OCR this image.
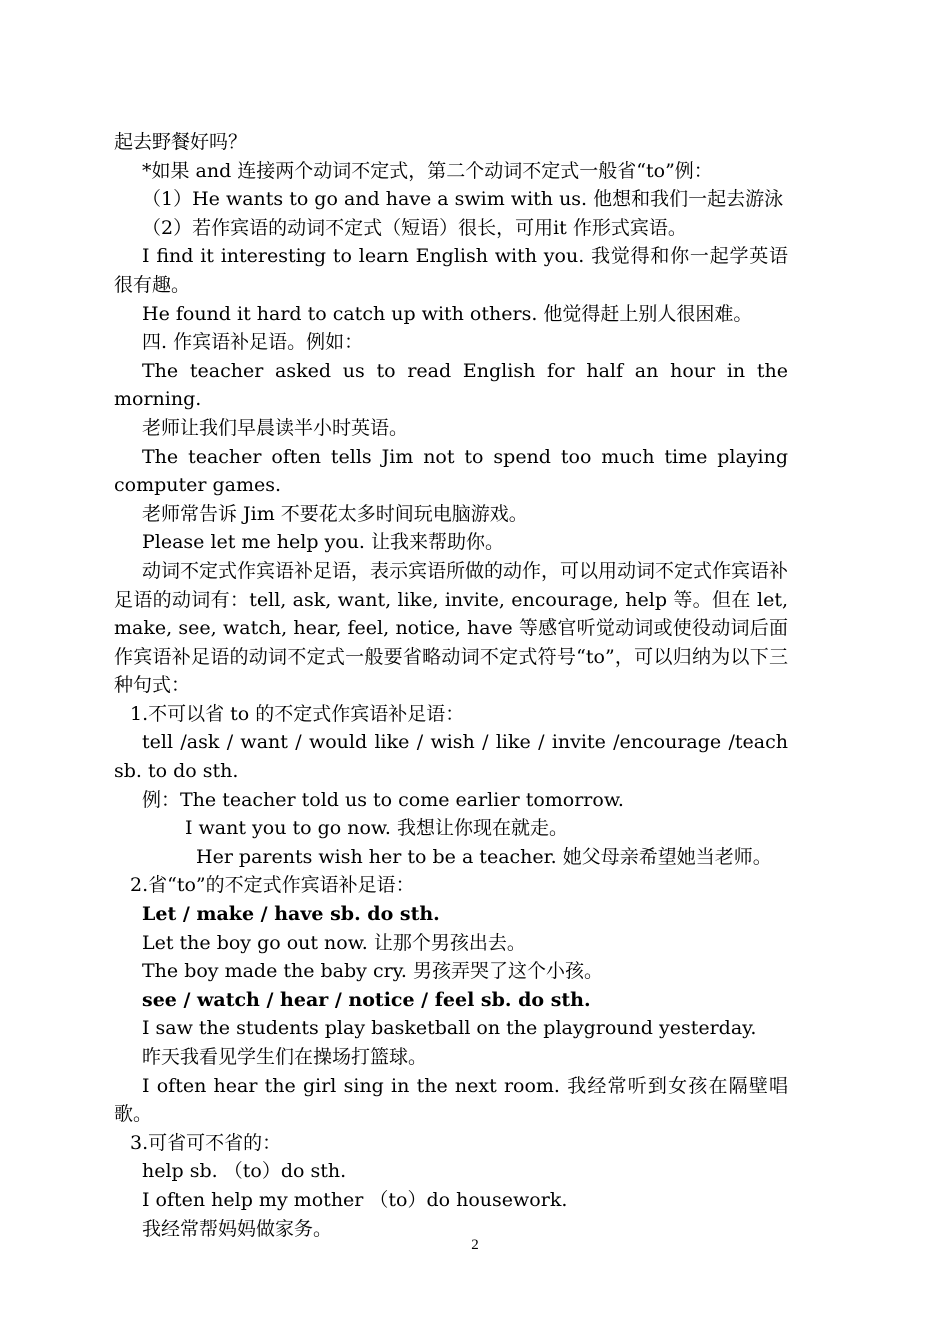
起去野餐好吗？

*如果 and 连接两个动词不定式，第二个动词不定式一般省“to”例：

（1）He wants to go and have a swim with us. 他想和我们一起去游泳

（2）若作宾语的动词不定式（短语）很长，可用it 作形式宾语。

I find it interesting to learn English with you. 我觉得和你一起学英语很有趣。

He found it hard to catch up with others. 他觉得赶上别人很困难。

四. 作宾语补足语。例如：

The teacher asked us to read English for half an hour in the morning.

老师让我们早晨读半小时英语。

The teacher often tells Jim not to spend too much time playing computer games.

老师常告诉 Jim 不要花太多时间玩电脑游戏。

Please let me help you. 让我来帮助你。

动词不定式作宾语补足语，表示宾语所做的动作，可以用动词不定式作宾语补足语的动词有：tell, ask, want, like, invite, encourage, help 等。但在 let, make, see, watch, hear, feel, notice, have 等感官听觉动词或使役动词后面作宾语补足语的动词不定式一般要省略动词不定式符号“to”，可以归纳为以下三种句式：

1.不可以省 to 的不定式作宾语补足语：

tell /ask / want / would like / wish / like / invite /encourage /teach sb. to do sth.

例：The teacher told us to come earlier tomorrow.

I want you to go now. 我想让你现在就走。

Her parents wish her to be a teacher. 她父母亲希望她当老师。

2.省“to”的不定式作宾语补足语：

Let / make / have sb. do sth.

Let the boy go out now. 让那个男孩出去。

The boy made the baby cry. 男孩弄哭了这个小孩。

see / watch / hear / notice / feel sb. do sth.

I saw the students play basketball on the playground yesterday.

昨天我看见学生们在操场打篮球。

I often hear the girl sing in the next room. 我经常听到女孩在隔壁唱歌。

3.可省可不省的：

help sb. （to）do sth.

I often help my mother （to）do housework.

我经常帮妈妈做家务。

2
